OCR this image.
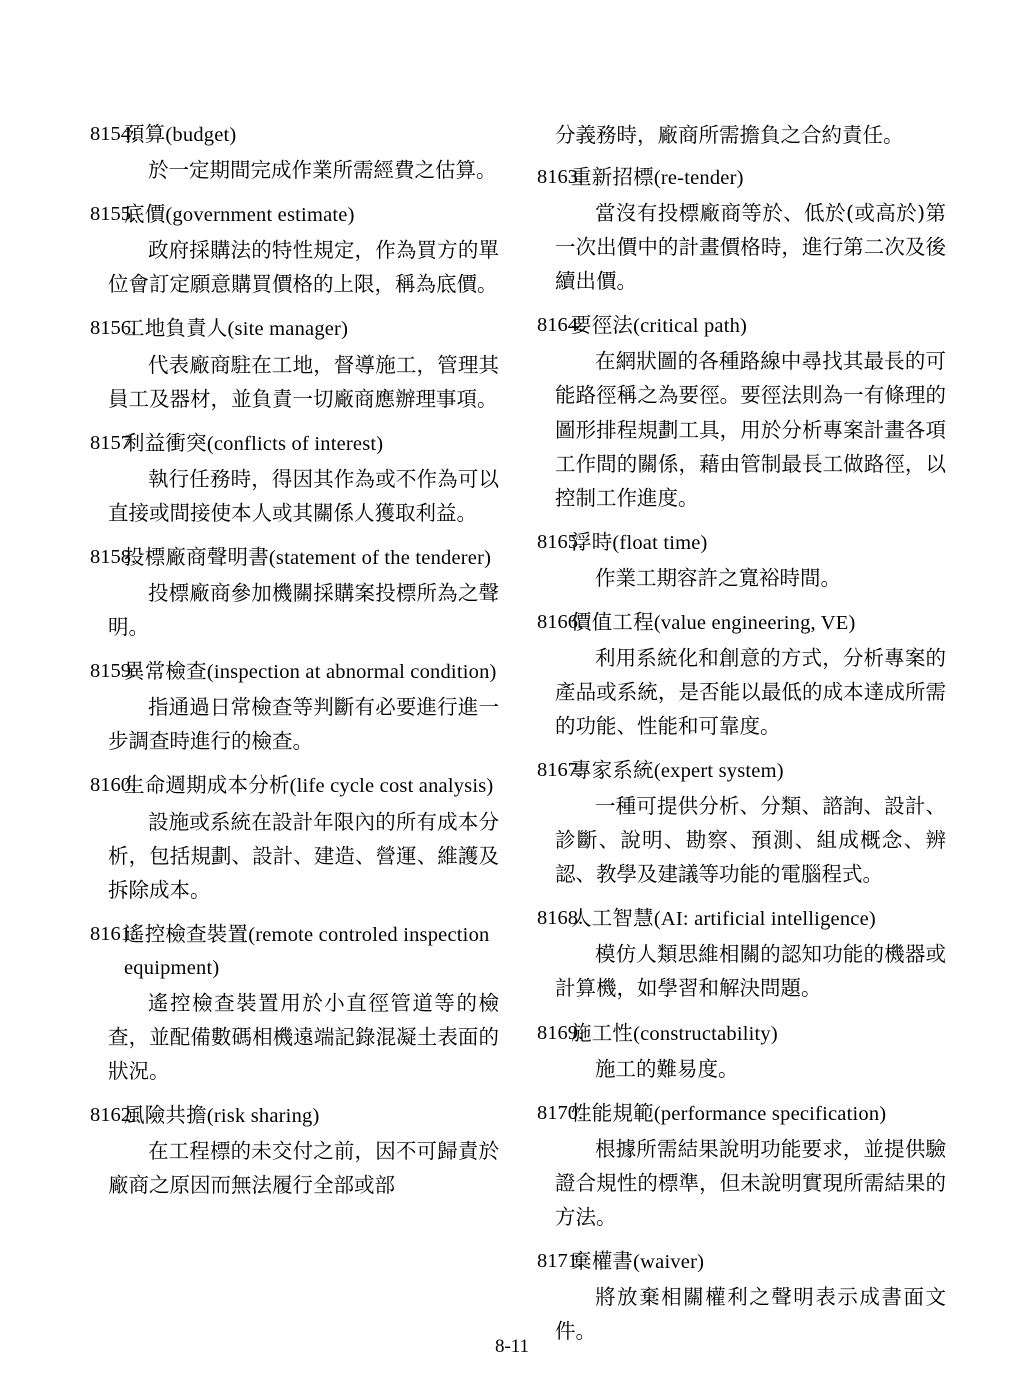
8154.
預算(budget)
於一定期間完成作業所需經費之估算。
8155.
底價(government estimate)
政府採購法的特性規定，作為買方的單位會訂定願意購買價格的上限，稱為底價。
8156.
工地負責人(site manager)
代表廠商駐在工地，督導施工，管理其員工及器材，並負責一切廠商應辦理事項。
8157.
利益衝突(conflicts of interest)
執行任務時，得因其作為或不作為可以直接或間接使本人或其關係人獲取利益。
8158.
投標廠商聲明書(statement of the tenderer)
投標廠商參加機關採購案投標所為之聲明。
8159.
異常檢查(inspection at abnormal condition)
指通過日常檢查等判斷有必要進行進一步調查時進行的檢查。
8160.
生命週期成本分析(life cycle cost analysis)
設施或系統在設計年限內的所有成本分析，包括規劃、設計、建造、營運、維護及拆除成本。
8161.
遙控檢查裝置(remote controled inspection equipment)
遙控檢查裝置用於小直徑管道等的檢查，並配備數碼相機遠端記錄混凝土表面的狀況。
8162.
風險共擔(risk sharing)
在工程標的未交付之前，因不可歸責於廠商之原因而無法履行全部或部
分義務時，廠商所需擔負之合約責任。
8163.
重新招標(re-tender)
當沒有投標廠商等於、低於(或高於)第一次出價中的計畫價格時，進行第二次及後續出價。
8164.
要徑法(critical path)
在網狀圖的各種路線中尋找其最長的可能路徑稱之為要徑。要徑法則為一有條理的圖形排程規劃工具，用於分析專案計畫各項工作間的關係，藉由管制最長工做路徑，以控制工作進度。
8165.
浮時(float time)
作業工期容許之寬裕時間。
8166.
價值工程(value engineering, VE)
利用系統化和創意的方式，分析專案的產品或系統，是否能以最低的成本達成所需的功能、性能和可靠度。
8167.
專家系統(expert system)
一種可提供分析、分類、諮詢、設計、診斷、說明、勘察、預測、組成概念、辨認、教學及建議等功能的電腦程式。
8168.
人工智慧(AI: artificial intelligence)
模仿人類思維相關的認知功能的機器或計算機，如學習和解決問題。
8169.
施工性(constructability)
施工的難易度。
8170.
性能規範(performance specification)
根據所需結果說明功能要求，並提供驗證合規性的標準，但未說明實現所需結果的方法。
8171.
棄權書(waiver)
將放棄相關權利之聲明表示成書面文件。
8-11
